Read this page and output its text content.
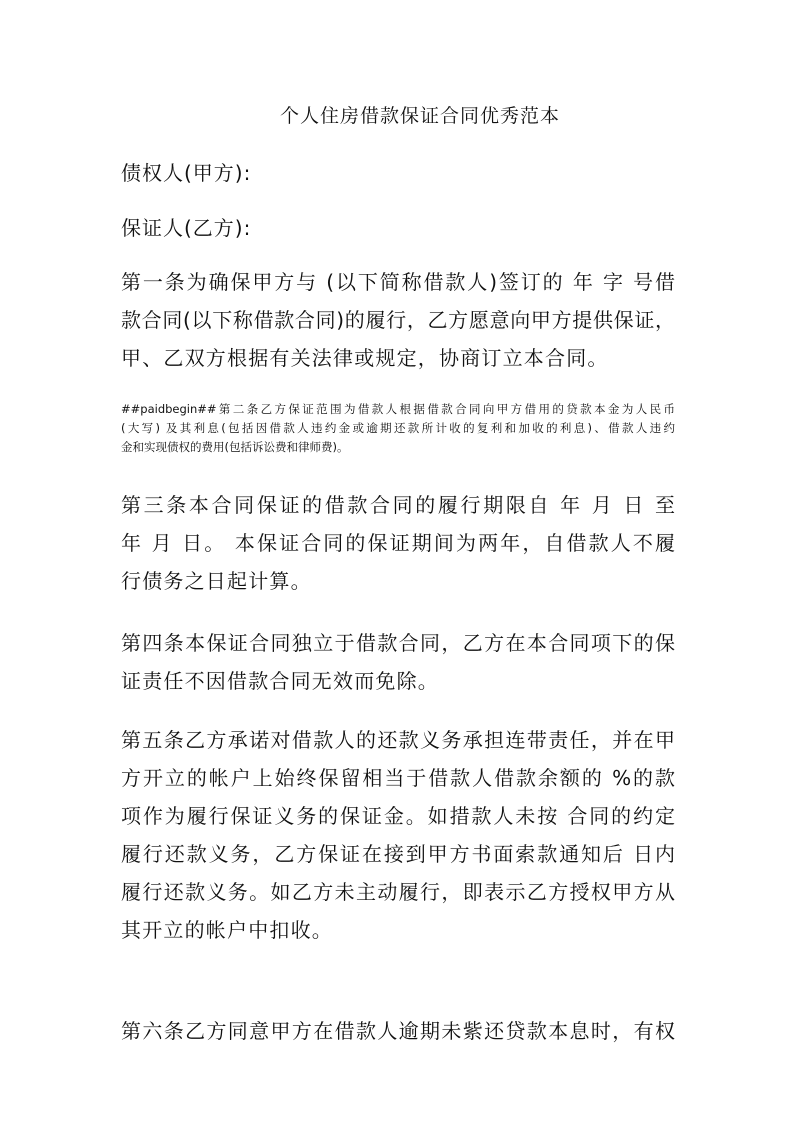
个人住房借款保证合同优秀范本
债权人(甲方):
保证人(乙方):
第一条为确保甲方与 (以下简称借款人)签订的 年 字 号借
款合同(以下称借款合同)的履行，乙方愿意向甲方提供保证，
甲、乙双方根据有关法律或规定，协商订立本合同。
##paidbegin##第二条乙方保证范围为借款人根据借款合同向甲方借用的贷款本金为人民币
(大写) 及其利息(包括因借款人违约金或逾期还款所计收的复利和加收的利息)、借款人违约
金和实现债权的费用(包括诉讼费和律师费)。
第三条本合同保证的借款合同的履行期限自 年 月 日 至
年 月 日。 本保证合同的保证期间为两年，自借款人不履
行债务之日起计算。
第四条本保证合同独立于借款合同，乙方在本合同项下的保
证责任不因借款合同无效而免除。
第五条乙方承诺对借款人的还款义务承担连带责任，并在甲
方开立的帐户上始终保留相当于借款人借款余额的 %的款
项作为履行保证义务的保证金。如措款人未按 合同的约定
履行还款义务，乙方保证在接到甲方书面索款通知后 日内
履行还款义务。如乙方未主动履行，即表示乙方授权甲方从
其开立的帐户中扣收。
第六条乙方同意甲方在借款人逾期未紫还贷款本息时，有权
